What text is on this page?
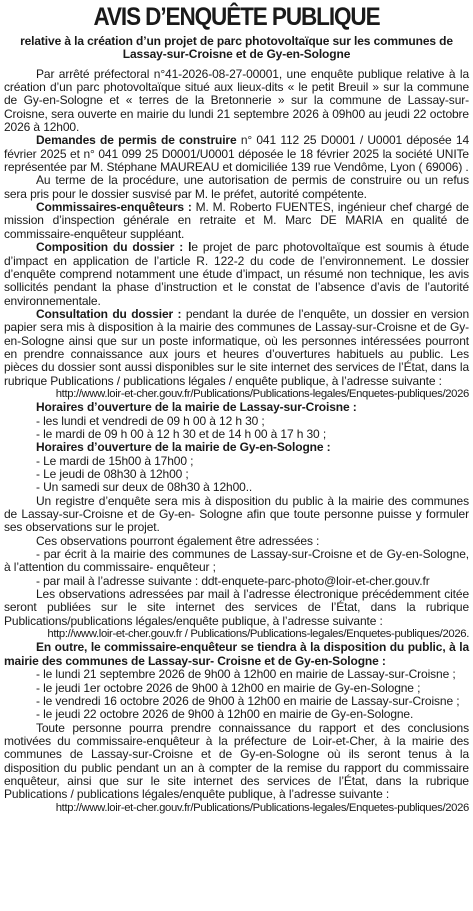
AVIS D’ENQUÊTE PUBLIQUE
relative à la création d’un projet de parc photovoltaïque sur les communes de
Lassay-sur-Croisne et de Gy-en-Sologne

Par arrêté préfectoral n°41-2026-08-27-00001, une enquête publique relative à la création d’un parc photovoltaïque situé aux lieux-dits « le petit Breuil » sur la commune de Gy-en-Sologne et « terres de la Bretonnerie » sur la commune de Lassay-sur-Croisne, sera ouverte en mairie du lundi 21 septembre 2026 à 09h00 au jeudi 22 octobre 2026 à 12h00.

Demandes de permis de construire n° 041 112 25 D0001 / U0001 déposée 14 février 2025 et n° 041 099 25 D0001/U0001 déposée le 18 février 2025 la société UNITe représentée par M. Stéphane MAUREAU et domiciliée 139 rue Vendôme, Lyon ( 69006) .

Au terme de la procédure, une autorisation de permis de construire ou un refus sera pris pour le dossier susvisé par M. le préfet, autorité compétente.

Commissaires-enquêteurs : M. M. Roberto FUENTES, ingénieur chef chargé de mission d’inspection générale en retraite et M. Marc DE MARIA en qualité de commissaire-enquêteur suppléant.

Composition du dossier : le projet de parc photovoltaïque est soumis à étude d’impact en application de l’article R. 122-2 du code de l’environnement. Le dossier d’enquête comprend notamment une étude d’impact, un résumé non technique, les avis sollicités pendant la phase d’instruction et le constat de l’absence d’avis de l’autorité environnementale.

Consultation du dossier : pendant la durée de l’enquête, un dossier en version papier sera mis à disposition à la mairie des communes de Lassay-sur-Croisne et de Gy-en-Sologne ainsi que sur un poste informatique, où les personnes intéressées pourront en prendre connaissance aux jours et heures d’ouvertures habituels au public. Les pièces du dossier sont aussi disponibles sur le site internet des services de l’État, dans la rubrique Publications / publications légales / enquête publique, à l’adresse suivante :

http://www.loir-et-cher.gouv.fr/Publications/Publications-legales/Enquetes-publiques/2026

Horaires d’ouverture de la mairie de Lassay-sur-Croisne :
- les lundi et vendredi de 09 h 00 à 12 h 30 ;
- le mardi de 09 h 00 à 12 h 30 et de 14 h 00 à 17 h 30 ;
Horaires d’ouverture de la mairie de Gy-en-Sologne :
- Le mardi de 15h00 à 17h00 ;
- Le jeudi de 08h30 à 12h00 ;
- Un samedi sur deux de 08h30 à 12h00..

Un registre d’enquête sera mis à disposition du public à la mairie des communes de Lassay-sur-Croisne et de Gy-en- Sologne afin que toute personne puisse y formuler ses observations sur le projet.

Ces observations pourront également être adressées :

- par écrit à la mairie des communes de Lassay-sur-Croisne et de Gy-en-Sologne, à l’attention du commissaire- enquêteur ;

- par mail à l’adresse suivante : ddt-enquete-parc-photo@loir-et-cher.gouv.fr

Les observations adressées par mail à l’adresse électronique précédemment citée seront publiées sur le site internet des services de l’État, dans la rubrique Publications/publications légales/enquête publique, à l’adresse suivante :

http://www.loir-et-cher.gouv.fr / Publications/Publications-legales/Enquetes-publiques/2026.

En outre, le commissaire-enquêteur se tiendra à la disposition du public, à la mairie des communes de Lassay-sur- Croisne et de Gy-en-Sologne :

- le lundi 21 septembre 2026 de 9h00 à 12h00 en mairie de Lassay-sur-Croisne ;
- le jeudi 1er octobre 2026 de 9h00 à 12h00 en mairie de Gy-en-Sologne ;
- le vendredi 16 octobre 2026 de 9h00 à 12h00 en mairie de Lassay-sur-Croisne ;
- le jeudi 22 octobre 2026 de 9h00 à 12h00 en mairie de Gy-en-Sologne.

Toute personne pourra prendre connaissance du rapport et des conclusions motivées du commissaire-enquêteur à la préfecture de Loir-et-Cher, à la mairie des communes de Lassay-sur-Croisne et de Gy-en-Sologne où ils seront tenus à la disposition du public pendant un an à compter de la remise du rapport du commissaire enquêteur, ainsi que sur le site internet des services de l’État, dans la rubrique Publications / publications légales/enquête publique, à l’adresse suivante :

http://www.loir-et-cher.gouv.fr/Publications/Publications-legales/Enquetes-publiques/2026
